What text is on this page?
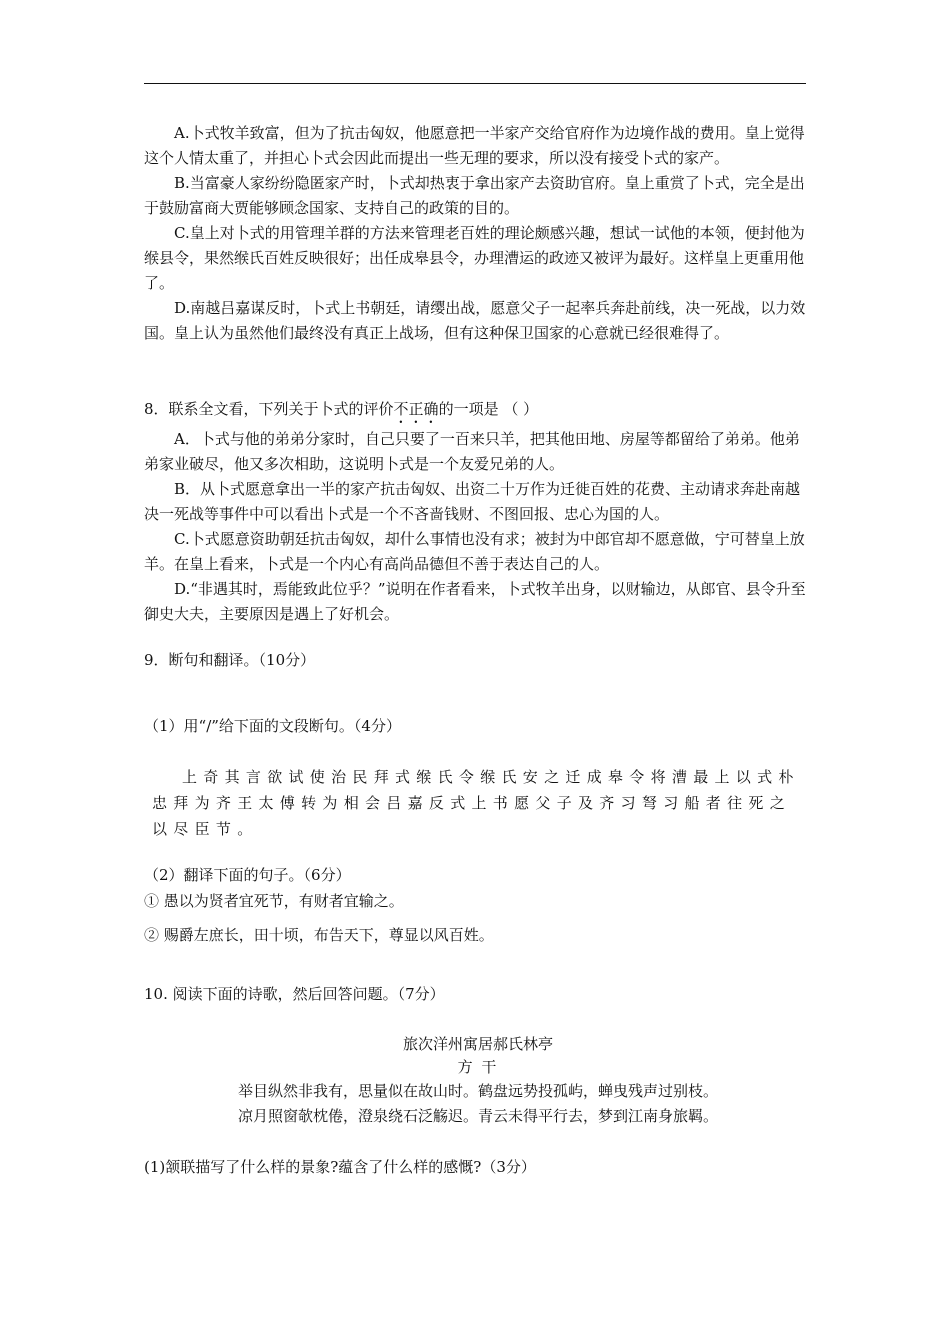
A.卜式牧羊致富，但为了抗击匈奴，他愿意把一半家产交给官府作为边境作战的费用。皇上觉得这个人情太重了，并担心卜式会因此而提出一些无理的要求，所以没有接受卜式的家产。

B.当富豪人家纷纷隐匿家产时，卜式却热衷于拿出家产去资助官府。皇上重赏了卜式，完全是出于鼓励富商大贾能够顾念国家、支持自己的政策的目的。

C.皇上对卜式的用管理羊群的方法来管理老百姓的理论颇感兴趣，想试一试他的本领，便封他为缑县令，果然缑氏百姓反映很好；出任成皋县令，办理漕运的政迹又被评为最好。这样皇上更重用他了。

D.南越吕嘉谋反时，卜式上书朝廷，请缨出战，愿意父子一起率兵奔赴前线，决一死战，以力效国。皇上认为虽然他们最终没有真正上战场，但有这种保卫国家的心意就已经很难得了。

8．联系全文看，下列关于卜式的评价不正确的一项是 （ ）

A．卜式与他的弟弟分家时，自己只要了一百来只羊，把其他田地、房屋等都留给了弟弟。他弟弟家业破尽，他又多次相助，这说明卜式是一个友爱兄弟的人。

B．从卜式愿意拿出一半的家产抗击匈奴、出资二十万作为迁徙百姓的花费、主动请求奔赴南越决一死战等事件中可以看出卜式是一个不吝啬钱财、不图回报、忠心为国的人。

C.卜式愿意资助朝廷抗击匈奴，却什么事情也没有求；被封为中郎官却不愿意做，宁可替皇上放羊。在皇上看来，卜式是一个内心有高尚品德但不善于表达自己的人。

D.“非遇其时，焉能致此位乎？”说明在作者看来，卜式牧羊出身，以财输边，从郎官、县令升至御史大夫，主要原因是遇上了好机会。

9．断句和翻译。（10分）
（1）用“/”给下面的文段断句。（4分）
上奇其言欲试使治民拜式缑氏令缑氏安之迁成皋令将漕最上以式朴忠拜为齐王太傅转为相会吕嘉反式上书愿父子及齐习弩习船者往死之以尽臣节。
（2）翻译下面的句子。（6分）
① 愚以为贤者宜死节，有财者宜输之。
② 赐爵左庶长，田十顷，布告天下，尊显以风百姓。
10. 阅读下面的诗歌，然后回答问题。（7分）
旅次洋州寓居郝氏林亭
方 干
举目纵然非我有，思量似在故山时。鹤盘远势投孤屿，蝉曳残声过别枝。
凉月照窗欹枕倦，澄泉绕石泛觞迟。青云未得平行去，梦到江南身旅羁。
(1)颔联描写了什么样的景象?蕴含了什么样的感慨?（3分）
